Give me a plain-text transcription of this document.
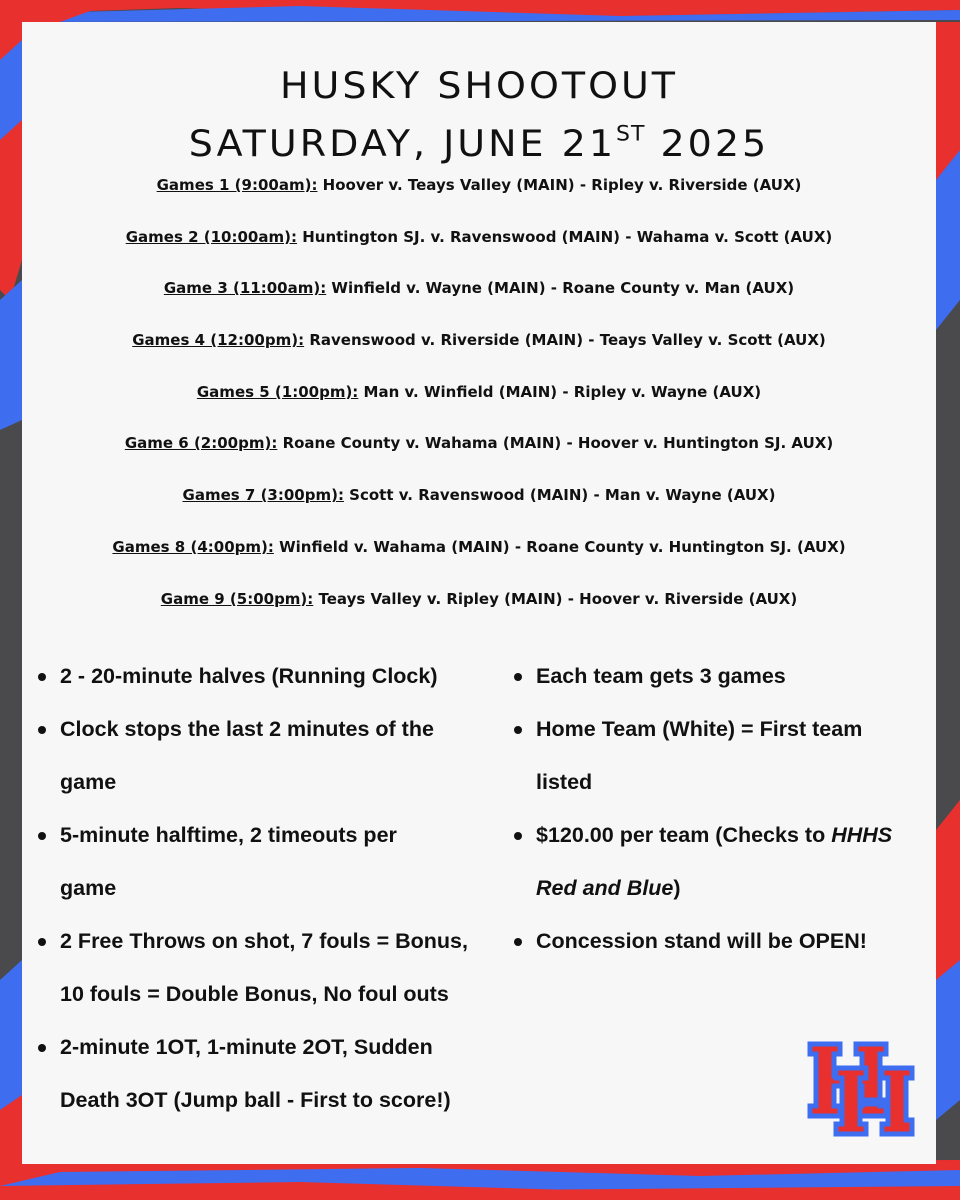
HUSKY SHOOTOUT
SATURDAY, JUNE 21ST 2025
Games 1 (9:00am): Hoover v. Teays Valley (MAIN) - Ripley v. Riverside (AUX)
Games 2 (10:00am): Huntington SJ. v. Ravenswood (MAIN) - Wahama v. Scott (AUX)
Game 3 (11:00am): Winfield v. Wayne (MAIN) - Roane County v. Man (AUX)
Games 4 (12:00pm): Ravenswood v. Riverside (MAIN) - Teays Valley v. Scott (AUX)
Games 5 (1:00pm): Man v. Winfield (MAIN) - Ripley v. Wayne (AUX)
Game 6 (2:00pm): Roane County v. Wahama (MAIN) - Hoover v. Huntington SJ. AUX)
Games 7 (3:00pm): Scott v. Ravenswood (MAIN) - Man v. Wayne (AUX)
Games 8 (4:00pm): Winfield v. Wahama (MAIN) - Roane County v. Huntington SJ. (AUX)
Game 9 (5:00pm): Teays Valley v. Ripley (MAIN) - Hoover v. Riverside (AUX)
2 - 20-minute halves (Running Clock)
Clock stops the last 2 minutes of the
game
5-minute halftime, 2 timeouts per
game
2 Free Throws on shot, 7 fouls = Bonus,
10 fouls = Double Bonus, No foul outs
2-minute 1OT, 1-minute 2OT, Sudden
Death 3OT (Jump ball - First to score!)
Each team gets 3 games
Home Team (White) = First team
listed
$120.00 per team (Checks to HHHS
Red and Blue)
Concession stand will be OPEN!
